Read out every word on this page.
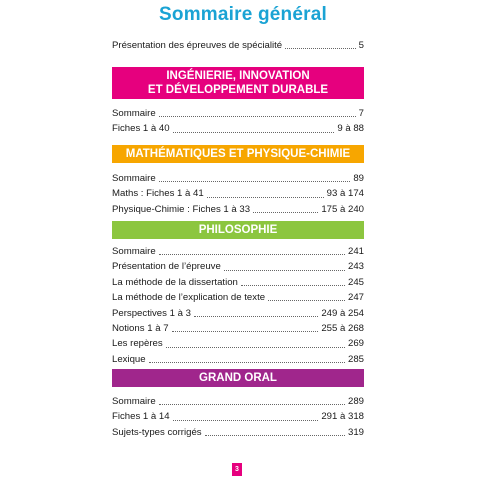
Sommaire général
Présentation des épreuves de spécialité	5
INGÉNIERIE, INNOVATION
ET DÉVELOPPEMENT DURABLE
Sommaire	7
Fiches 1 à 40	9 à 88
MATHÉMATIQUES ET PHYSIQUE-CHIMIE
Sommaire	89
Maths : Fiches 1 à 41	93 à 174
Physique-Chimie : Fiches 1 à 33	175 à 240
PHILOSOPHIE
Sommaire	241
Présentation de l’épreuve	243
La méthode de la dissertation	245
La méthode de l’explication de texte	247
Perspectives 1 à 3	249 à 254
Notions 1 à 7	255 à 268
Les repères	269
Lexique	285
GRAND ORAL
Sommaire	289
Fiches 1 à 14	291 à 318
Sujets-types corrigés	319
3
